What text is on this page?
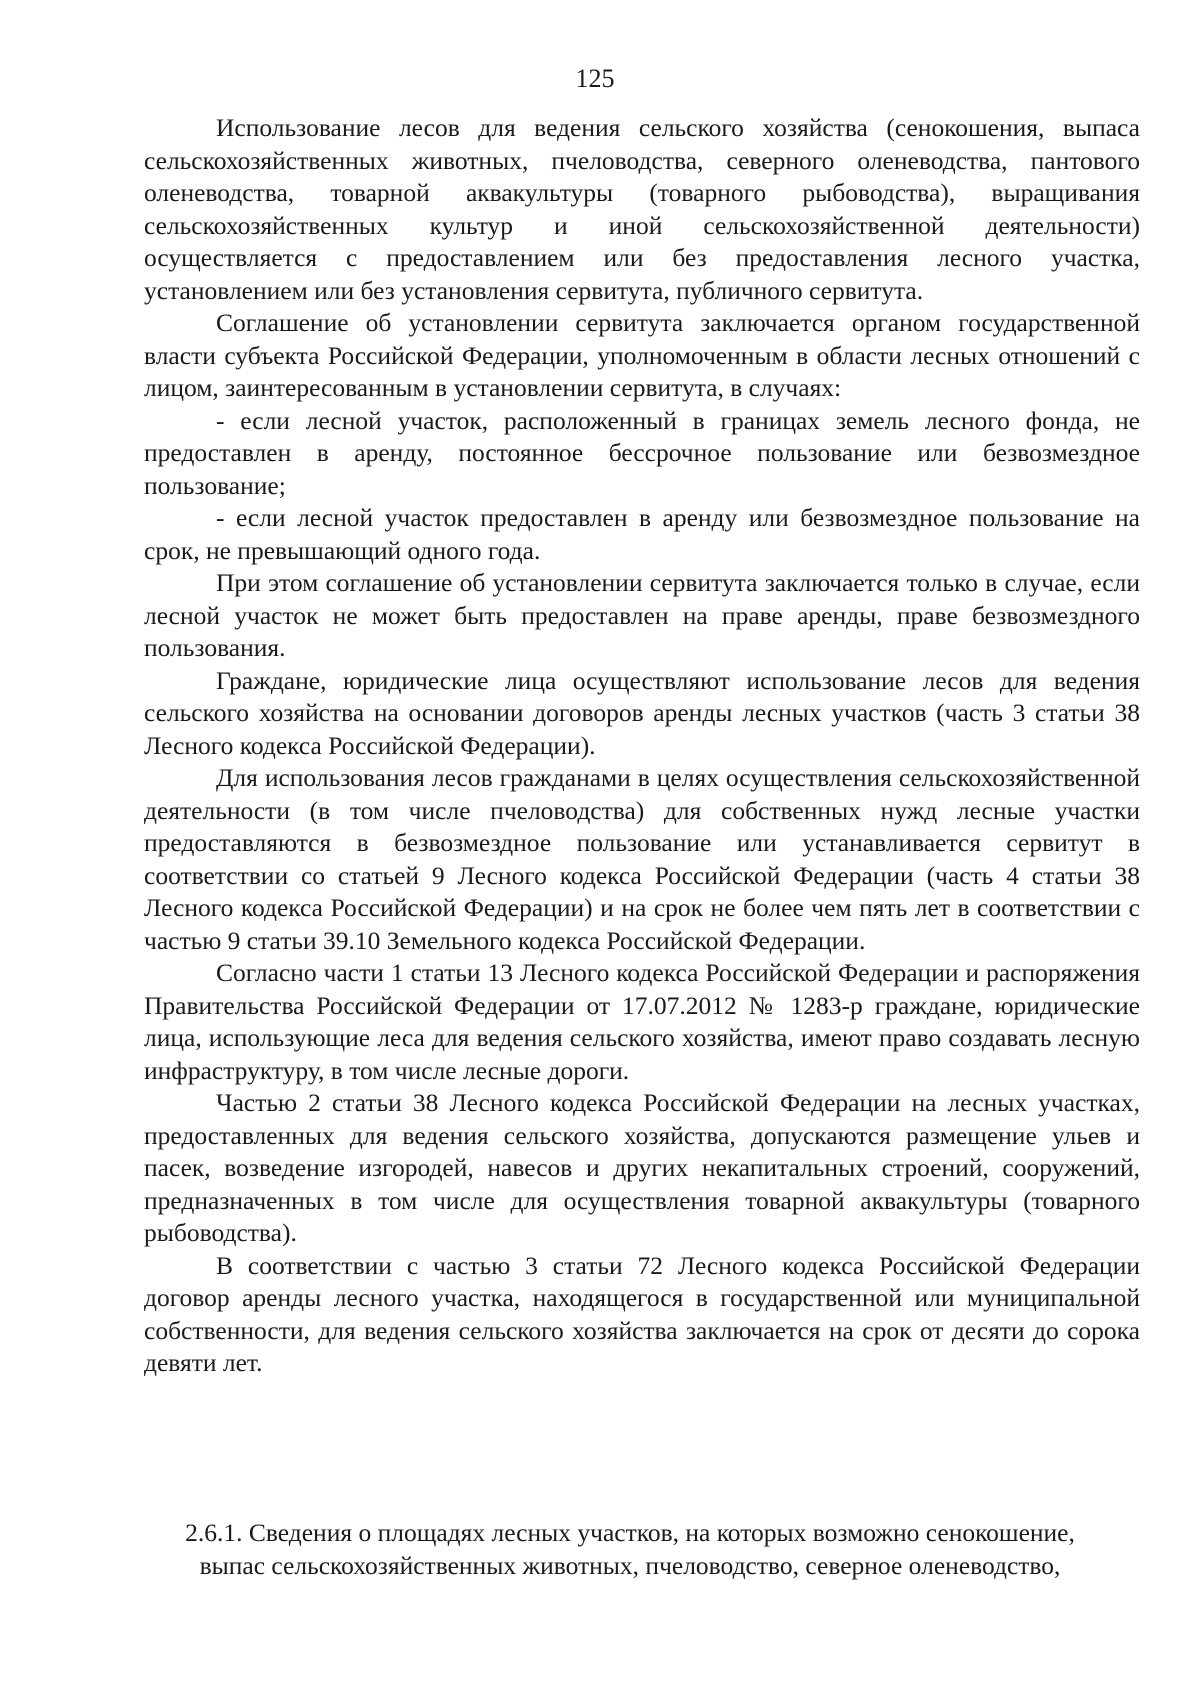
125

Использование лесов для ведения сельского хозяйства (сенокошения, выпаса сельскохозяйственных животных, пчеловодства, северного оленеводства, пантового оленеводства, товарной аквакультуры (товарного рыбоводства), выращивания сельскохозяйственных культур и иной сельскохозяйственной деятельности) осуществляется с предоставлением или без предоставления лесного участка, установлением или без установления сервитута, публичного сервитута.

Соглашение об установлении сервитута заключается органом государственной власти субъекта Российской Федерации, уполномоченным в области лесных отношений с лицом, заинтересованным в установлении сервитута, в случаях:

- если лесной участок, расположенный в границах земель лесного фонда, не предоставлен в аренду, постоянное бессрочное пользование или безвозмездное пользование;

- если лесной участок предоставлен в аренду или безвозмездное пользование на срок, не превышающий одного года.

При этом соглашение об установлении сервитута заключается только в случае, если лесной участок не может быть предоставлен на праве аренды, праве безвозмездного пользования.

Граждане, юридические лица осуществляют использование лесов для ведения сельского хозяйства на основании договоров аренды лесных участков (часть 3 статьи 38 Лесного кодекса Российской Федерации).

Для использования лесов гражданами в целях осуществления сельскохозяйственной деятельности (в том числе пчеловодства) для собственных нужд лесные участки предоставляются в безвозмездное пользование или устанавливается сервитут в соответствии со статьей 9 Лесного кодекса Российской Федерации (часть 4 статьи 38 Лесного кодекса Российской Федерации) и на срок не более чем пять лет в соответствии с частью 9 статьи 39.10 Земельного кодекса Российской Федерации.

Согласно части 1 статьи 13 Лесного кодекса Российской Федерации и распоряжения Правительства Российской Федерации от 17.07.2012 № 1283-р граждане, юридические лица, использующие леса для ведения сельского хозяйства, имеют право создавать лесную инфраструктуру, в том числе лесные дороги.

Частью 2 статьи 38 Лесного кодекса Российской Федерации на лесных участках, предоставленных для ведения сельского хозяйства, допускаются размещение ульев и пасек, возведение изгородей, навесов и других некапитальных строений, сооружений, предназначенных в том числе для осуществления товарной аквакультуры (товарного рыбоводства).

В соответствии с частью 3 статьи 72 Лесного кодекса Российской Федерации договор аренды лесного участка, находящегося в государственной или муниципальной собственности, для ведения сельского хозяйства заключается на срок от десяти до сорока девяти лет.

2.6.1. Сведения о площадях лесных участков, на которых возможно сенокошение,

выпас сельскохозяйственных животных, пчеловодство, северное оленеводство,
